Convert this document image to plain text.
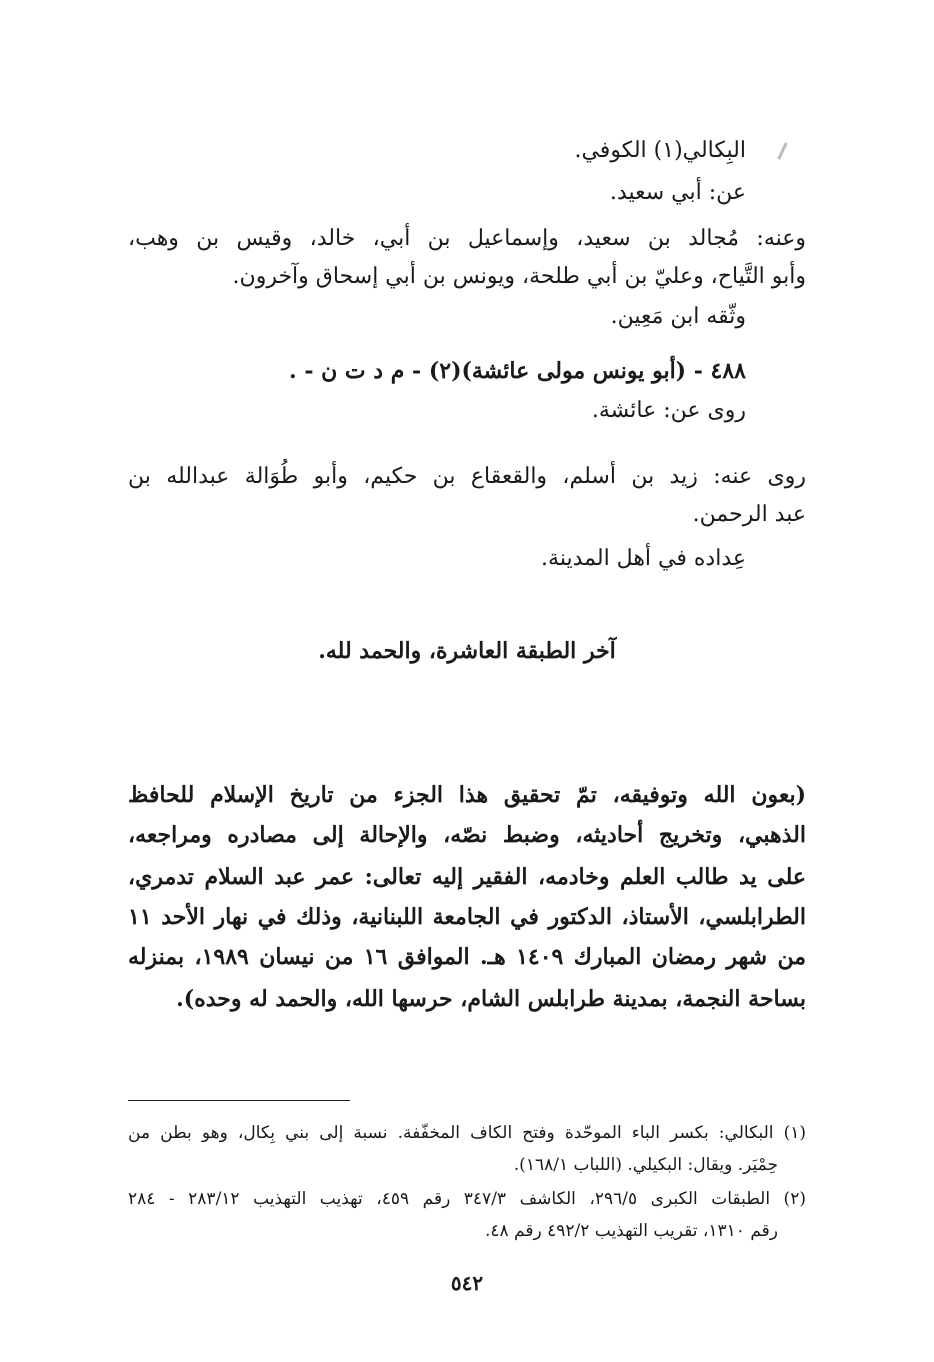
البِكالي(١) الكوفي.
عن: أبي سعيد.
وعنه: مُجالد بن سعيد، وإسماعيل بن أبي، خالد، وقيس بن وهب،
وأبو التَّياح، وعليّ بن أبي طلحة، ويونس بن أبي إسحاق وآخرون.
وثّقه ابن مَعِين.
٤٨٨ - (أبو يونس مولى عائشة)(٢) - م د ت ن - .
روى عن: عائشة.
روى عنه: زيد بن أسلم، والقعقاع بن حكيم، وأبو طُوَالة عبدالله بن
عبد الرحمن.
عِداده في أهل المدينة.
آخر الطبقة العاشرة، والحمد لله.
(بعون الله وتوفيقه، تمّ تحقيق هذا الجزء من تاريخ الإسلام للحافظ
الذهبي، وتخريج أحاديثه، وضبط نصّه، والإحالة إلى مصادره ومراجعه،
على يد طالب العلم وخادمه، الفقير إليه تعالى: عمر عبد السلام تدمري،
الطرابلسي، الأستاذ، الدكتور في الجامعة اللبنانية، وذلك في نهار الأحد ١١
من شهر رمضان المبارك ١٤٠٩ هـ. الموافق ١٦ من نيسان ١٩٨٩، بمنزله
بساحة النجمة، بمدينة طرابلس الشام، حرسها الله، والحمد له وحده).
(١) البكالي: بكسر الباء الموحّدة وفتح الكاف المخفّفة. نسبة إلى بني بِكال، وهو بطن من
حِمْيَر. ويقال: البكيلي. (اللباب ١٦٨/١).
(٢) الطبقات الكبرى ٢٩٦/٥، الكاشف ٣٤٧/٣ رقم ٤٥٩، تهذيب التهذيب ٢٨٣/١٢ - ٢٨٤
رقم ١٣١٠، تقريب التهذيب ٤٩٢/٢ رقم ٤٨.
٥٤٢
